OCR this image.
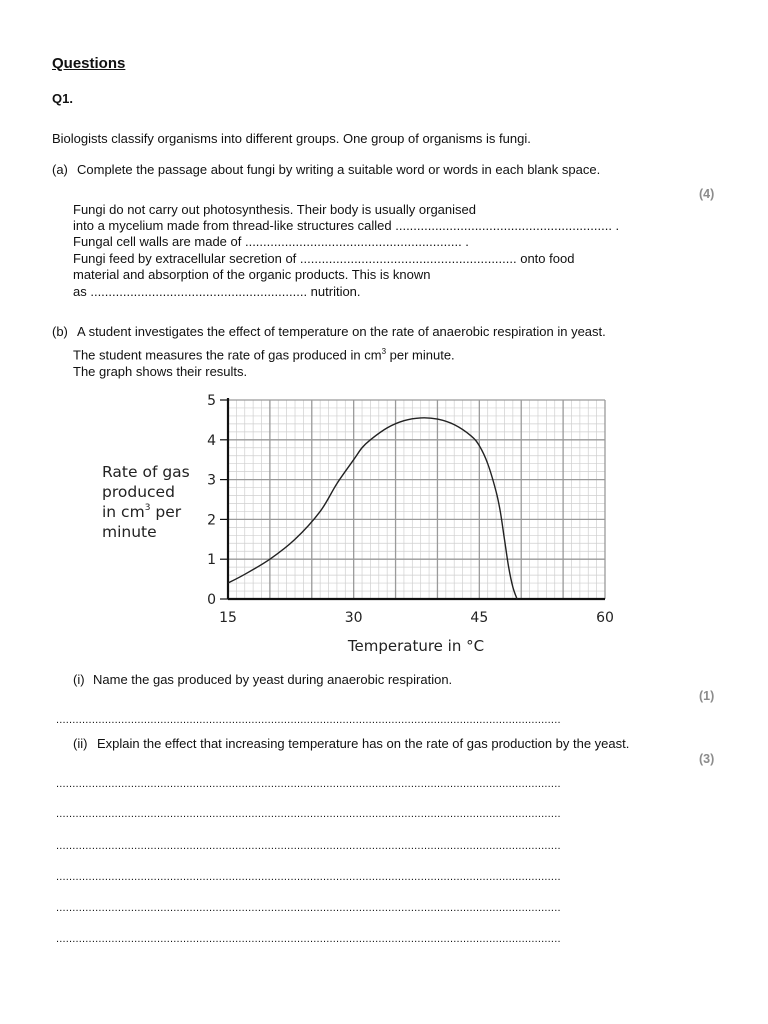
Questions
Q1.
Biologists classify organisms into different groups. One group of organisms is fungi.
(a) Complete the passage about fungi by writing a suitable word or words in each blank space.
(4)
Fungi do not carry out photosynthesis. Their body is usually organised
into a mycelium made from thread-like structures called ............................................................ .
Fungal cell walls are made of ............................................................ .
Fungi feed by extracellular secretion of ............................................................ onto food
material and absorption of the organic products. This is known
as ............................................................ nutrition.
(b) A student investigates the effect of temperature on the rate of anaerobic respiration in yeast.
The student measures the rate of gas produced in $cm^3$ per minute.
The graph shows their results.
0
1
2
3
4
5
15	30	45	60
Rate of gas
produced
in $cm^3$ per
minute
Temperature in °C
(i) Name the gas produced by yeast during anaerobic respiration.
(1)
...........................................................................................................................................................
(ii) Explain the effect that increasing temperature has on the rate of gas production by the yeast.
(3)
...........................................................................................................................................................
...........................................................................................................................................................
...........................................................................................................................................................
...........................................................................................................................................................
...........................................................................................................................................................
...........................................................................................................................................................
